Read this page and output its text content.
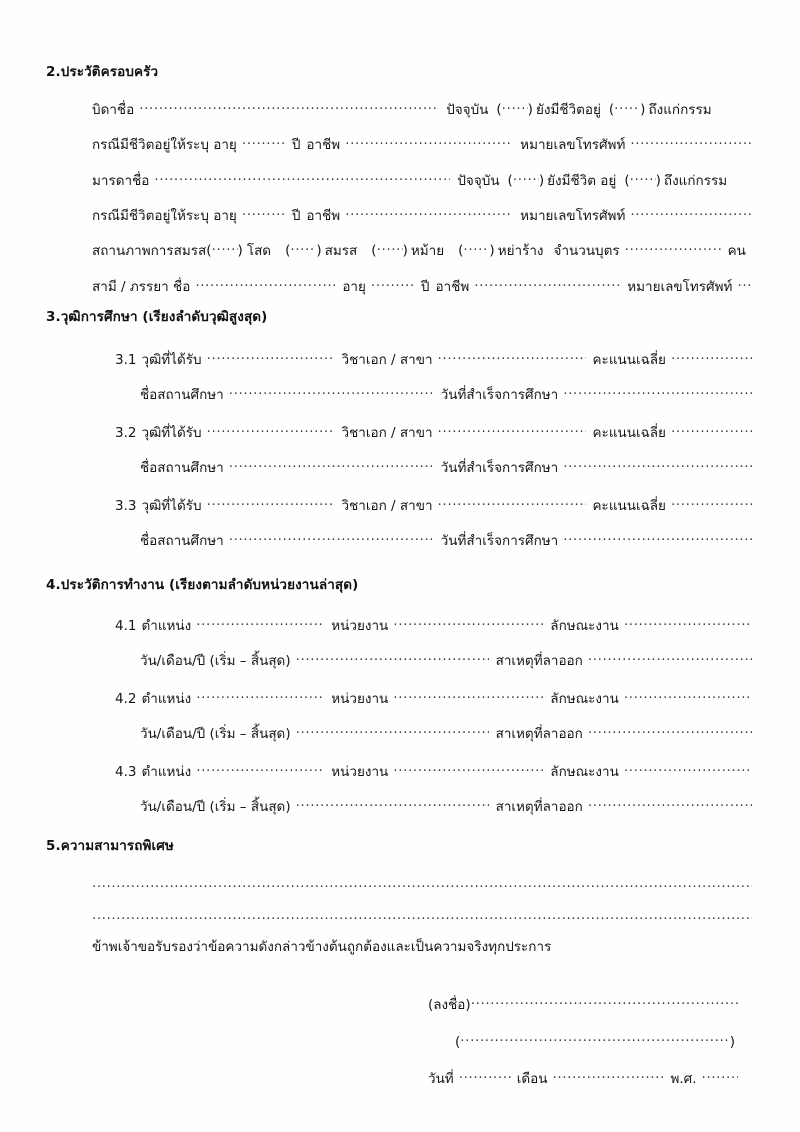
2.ประวัติครอบครัว
บิดาชื่อ .....	ปัจจุบัน ( ..... ) ยังมีชีวิตอยู่ ( ..... ) ถึงแก่กรรม
กรณีมีชีวิตอยู่ให้ระบุ อายุ .....	ปี อาชีพ .....	หมายเลขโทรศัพท์
.....
มารดาชื่อ .....	ปัจจุบัน ( ..... ) ยังมีชีวิต อยู่ ( ..... ) ถึงแก่กรรม
กรณีมีชีวิตอยู่ให้ระบุ อายุ .....	ปี อาชีพ .....	หมายเลขโทรศัพท์
.....
สถานภาพการสมรส ( ..... ) โสด ( ..... ) สมรส ( ..... ) หม้าย ( ..... ) หย่าร้าง จำนวนบุตร .....	คน
สามี / ภรรยา ชื่อ .....	อายุ .....	ปี อาชีพ .....	หมายเลขโทรศัพท์
.....
3.วุฒิการศึกษา (เรียงลำดับวุฒิสูงสุด)
3.1 วุฒิที่ได้รับ .....	วิชาเอก / สาขา .....	คะแนนเฉลี่ย
.....
ชื่อสถานศึกษา .....	วันที่สำเร็จการศึกษา
.....
3.2 วุฒิที่ได้รับ .....	วิชาเอก / สาขา .....	คะแนนเฉลี่ย
.....
ชื่อสถานศึกษา .....	วันที่สำเร็จการศึกษา
.....
3.3 วุฒิที่ได้รับ .....	วิชาเอก / สาขา .....	คะแนนเฉลี่ย
.....
ชื่อสถานศึกษา .....	วันที่สำเร็จการศึกษา
.....
4.ประวัติการทำงาน (เรียงตามลำดับหน่วยงานล่าสุด)
4.1 ตำแหน่ง .....	หน่วยงาน .....	ลักษณะงาน
.....
วัน/เดือน/ปี (เริ่ม – สิ้นสุด) .....	สาเหตุที่ลาออก
.....
4.2 ตำแหน่ง .....	หน่วยงาน .....	ลักษณะงาน
.....
วัน/เดือน/ปี (เริ่ม – สิ้นสุด) .....	สาเหตุที่ลาออก
.....
4.3 ตำแหน่ง .....	หน่วยงาน .....	ลักษณะงาน
.....
วัน/เดือน/ปี (เริ่ม – สิ้นสุด) .....	สาเหตุที่ลาออก
.....
5.ความสามารถพิเศษ
.....
.....
ข้าพเจ้าขอรับรองว่าข้อความดังกล่าวข้างต้นถูกต้องและเป็นความจริงทุกประการ
(ลงชื่อ)
.....
( .....	)
วันที่ .....	เดือน .....	พ.ศ.
.....
